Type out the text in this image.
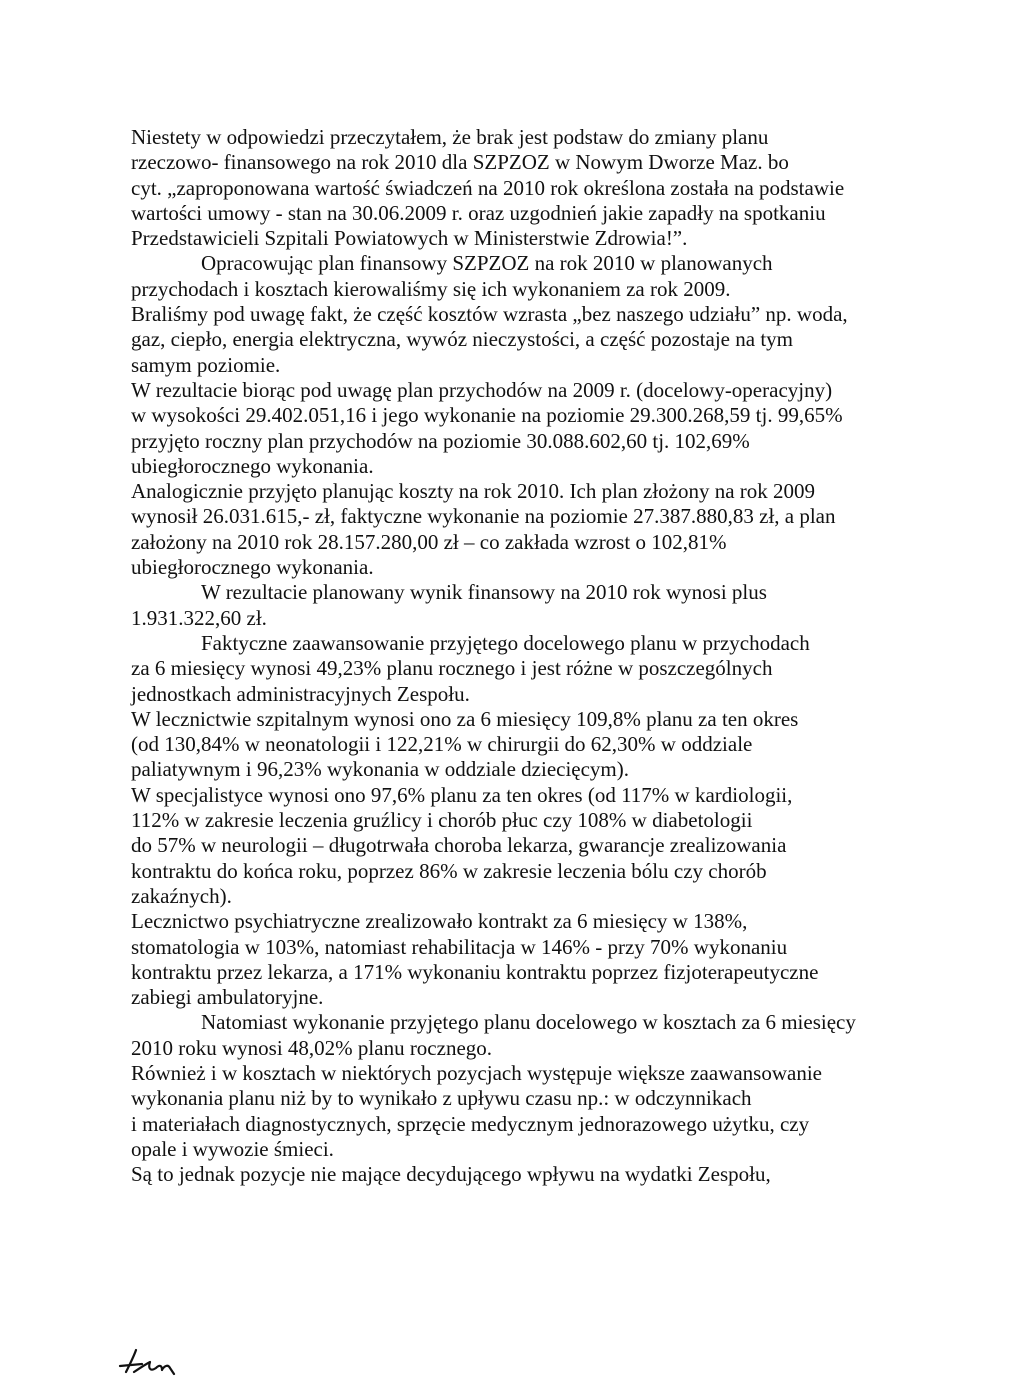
Niestety w odpowiedzi przeczytałem, że brak jest podstaw do zmiany planu
rzeczowo- finansowego na rok 2010 dla SZPZOZ w Nowym Dworze Maz. bo
cyt. „zaproponowana wartość świadczeń na 2010 rok określona została na podstawie
wartości umowy - stan na 30.06.2009 r. oraz uzgodnień jakie zapadły na spotkaniu
Przedstawicieli Szpitali Powiatowych w Ministerstwie Zdrowia!”.
Opracowując plan finansowy SZPZOZ na rok 2010 w planowanych
przychodach i kosztach kierowaliśmy się ich wykonaniem za rok 2009.
Braliśmy pod uwagę fakt, że część kosztów wzrasta „bez naszego udziału” np. woda,
gaz, ciepło, energia elektryczna, wywóz nieczystości, a część pozostaje na tym
samym poziomie.
W rezultacie biorąc pod uwagę plan przychodów na 2009 r. (docelowy-operacyjny)
w wysokości 29.402.051,16 i jego wykonanie na poziomie 29.300.268,59 tj. 99,65%
przyjęto roczny plan przychodów na poziomie 30.088.602,60 tj. 102,69%
ubiegłorocznego wykonania.
Analogicznie przyjęto planując koszty na rok 2010. Ich plan złożony na rok 2009
wynosił 26.031.615,- zł, faktyczne wykonanie na poziomie 27.387.880,83 zł, a plan
założony na 2010 rok 28.157.280,00 zł – co zakłada wzrost o 102,81%
ubiegłorocznego wykonania.
W rezultacie planowany wynik finansowy na 2010 rok wynosi plus
1.931.322,60 zł.
Faktyczne zaawansowanie przyjętego docelowego planu w przychodach
za 6 miesięcy wynosi 49,23% planu rocznego i jest różne w poszczególnych
jednostkach administracyjnych Zespołu.
W lecznictwie szpitalnym wynosi ono za 6 miesięcy 109,8% planu za ten okres
(od 130,84% w neonatologii i 122,21% w chirurgii do 62,30% w oddziale
paliatywnym i 96,23% wykonania w oddziale dziecięcym).
W specjalistyce wynosi ono 97,6% planu za ten okres (od 117% w kardiologii,
112% w zakresie leczenia gruźlicy i chorób płuc czy 108% w diabetologii
do 57% w neurologii – długotrwała choroba lekarza, gwarancje zrealizowania
kontraktu do końca roku, poprzez 86% w zakresie leczenia bólu czy chorób
zakaźnych).
Lecznictwo psychiatryczne zrealizowało kontrakt za 6 miesięcy w 138%,
stomatologia w 103%, natomiast rehabilitacja w 146% - przy 70% wykonaniu
kontraktu przez lekarza, a 171% wykonaniu kontraktu poprzez fizjoterapeutyczne
zabiegi ambulatoryjne.
Natomiast wykonanie przyjętego planu docelowego w kosztach za 6 miesięcy
2010 roku wynosi 48,02% planu rocznego.
Również i w kosztach w niektórych pozycjach występuje większe zaawansowanie
wykonania planu niż by to wynikało z upływu czasu np.: w odczynnikach
i materiałach diagnostycznych, sprzęcie medycznym jednorazowego użytku, czy
opale i wywozie śmieci.
Są to jednak pozycje nie mające decydującego wpływu na wydatki Zespołu,
